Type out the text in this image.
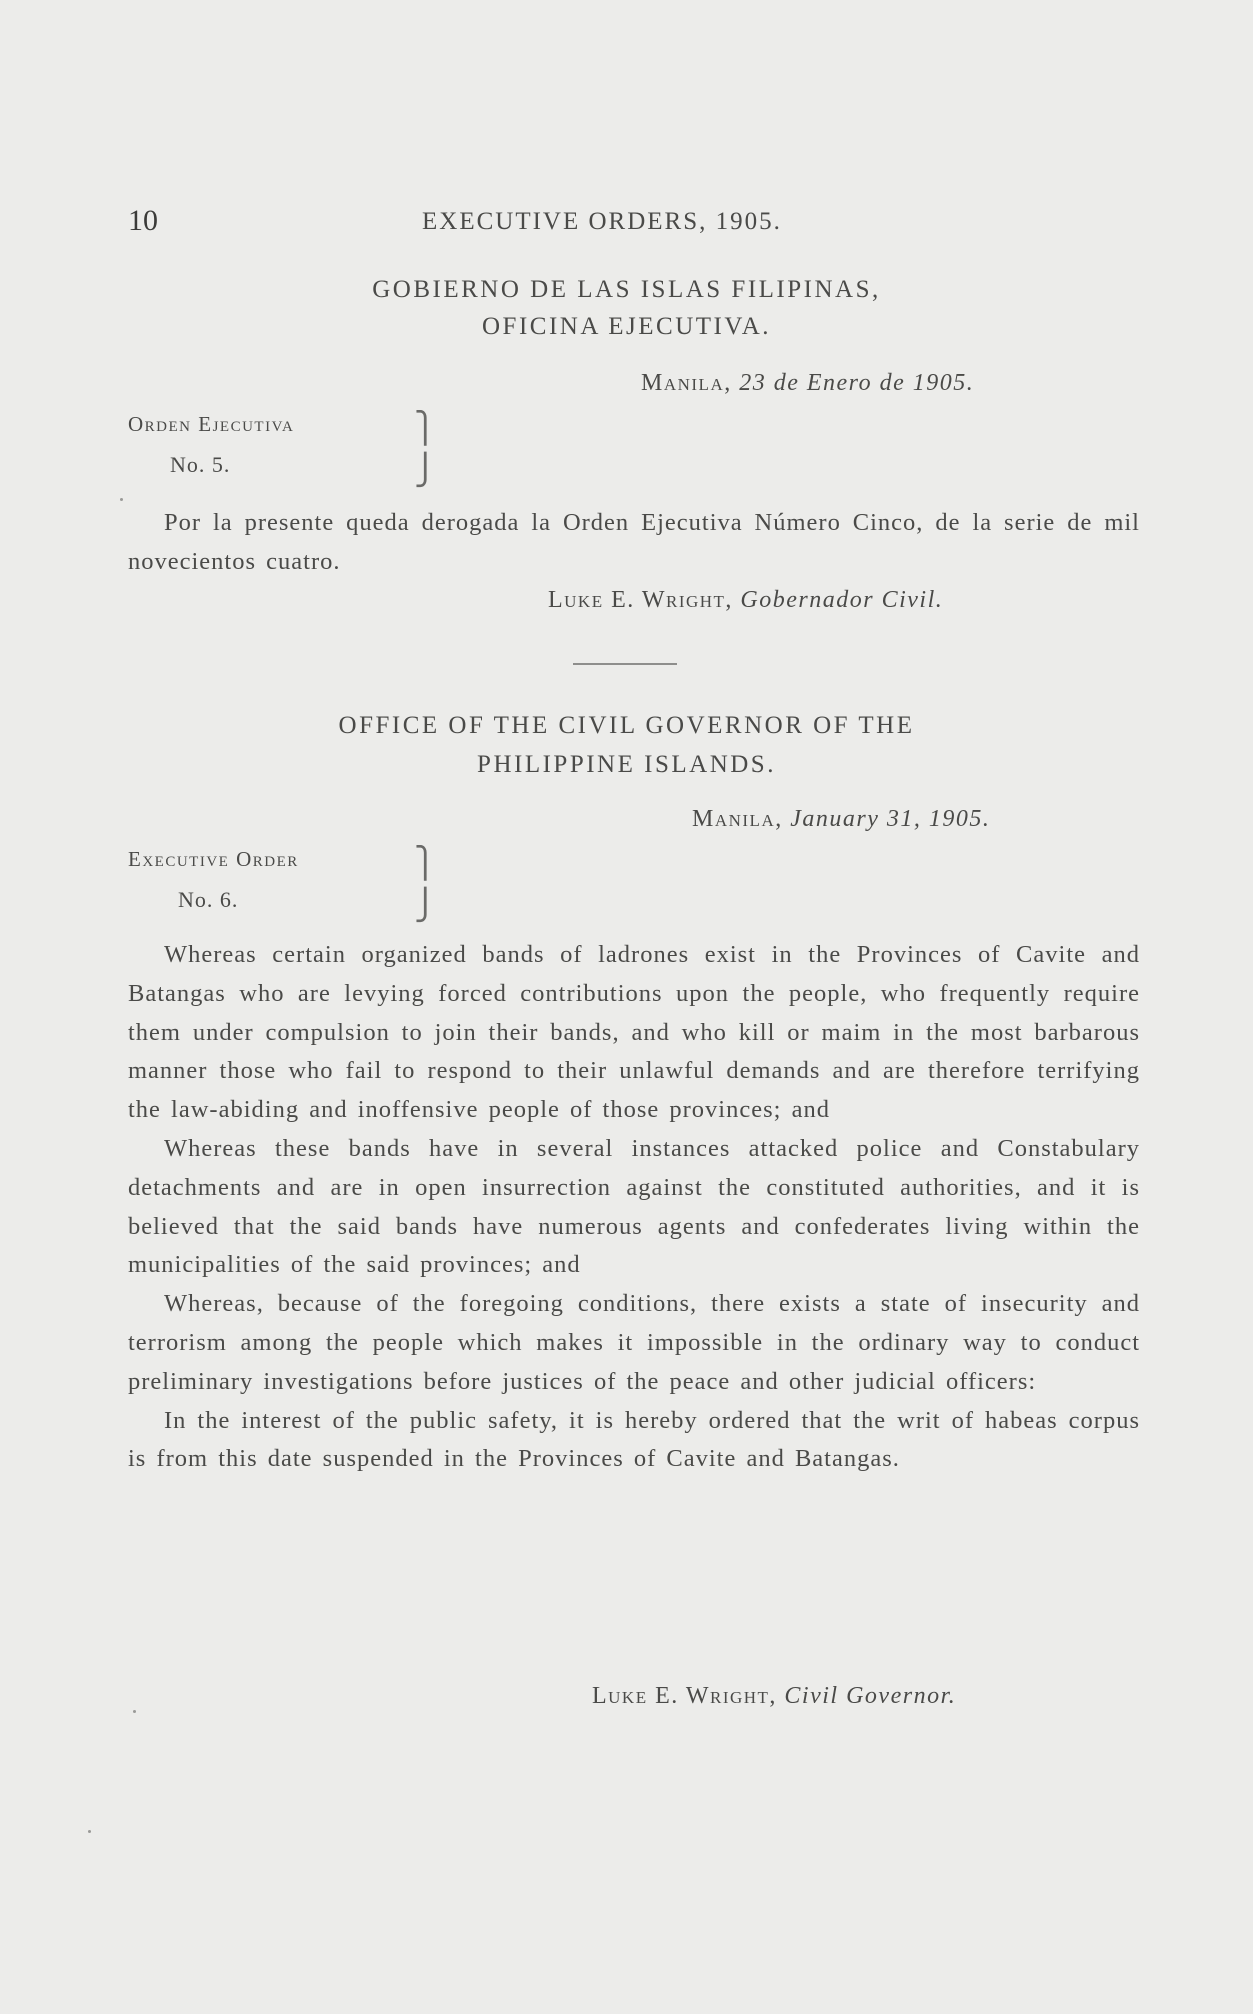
10	EXECUTIVE ORDERS, 1905.
GOBIERNO DE LAS ISLAS FILIPINAS,
OFICINA EJECUTIVA.
Manila, 23 de Enero de 1905.
Orden Ejecutiva
No. 5.
⎫
⎭

Por la presente queda derogada la Orden Ejecutiva Número Cinco, de la serie de mil novecientos cuatro.

Luke E. Wright, Gobernador Civil.
OFFICE OF THE CIVIL GOVERNOR OF THE
PHILIPPINE ISLANDS.
Manila, January 31, 1905.
Executive Order
No. 6.
⎫
⎭

Whereas certain organized bands of ladrones exist in the Provinces of Cavite and Batangas who are levying forced contributions upon the people, who frequently require them under compulsion to join their bands, and who kill or maim in the most barbarous manner those who fail to respond to their unlawful demands and are therefore terrifying the law-abiding and inoffensive people of those provinces; and

Whereas these bands have in several instances attacked police and Constabulary detachments and are in open insurrection against the constituted authorities, and it is believed that the said bands have numerous agents and confederates living within the municipalities of the said provinces; and

Whereas, because of the foregoing conditions, there exists a state of insecurity and terrorism among the people which makes it impossible in the ordinary way to conduct preliminary investigations before justices of the peace and other judicial officers:

In the interest of the public safety, it is hereby ordered that the writ of habeas corpus is from this date suspended in the Provinces of Cavite and Batangas.

Luke E. Wright, Civil Governor.
